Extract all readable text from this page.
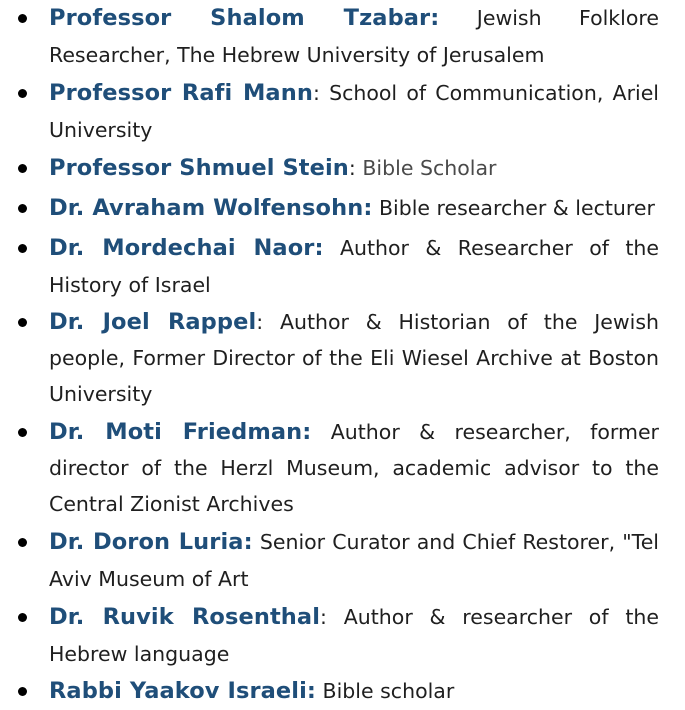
Professor Shalom Tzabar: Jewish Folklore Researcher, The Hebrew University of Jerusalem
Professor Rafi Mann: School of Communication, Ariel University
Professor Shmuel Stein: Bible Scholar
Dr. Avraham Wolfensohn: Bible researcher & lecturer
Dr. Mordechai Naor: Author & Researcher of the History of Israel
Dr. Joel Rappel: Author & Historian of the Jewish people, Former Director of the Eli Wiesel Archive at Boston University
Dr. Moti Friedman: Author & researcher, former director of the Herzl Museum, academic advisor to the Central Zionist Archives
Dr. Doron Luria: Senior Curator and Chief Restorer, "Tel Aviv Museum of Art
Dr. Ruvik Rosenthal: Author & researcher of the Hebrew language
Rabbi Yaakov Israeli: Bible scholar
